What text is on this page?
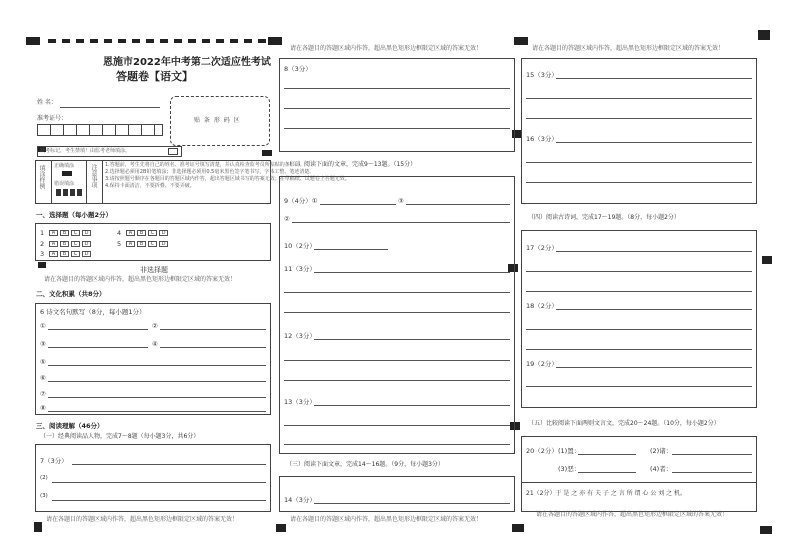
恩施市2022年中考第二次适应性考试
答题卷【语文】
姓 名：
准考证号：	贴 条 形 码 区
缺考标记，考生禁填！由监考老师填涂。
填涂样例 正确填涂
错误填涂	注意事项 1.答题前，考生先将自己的姓名、准考证号填写清楚，并认真检查监考员所粘贴的条形码。
2.选择题必须用2B铅笔填涂；非选择题必须用0.5毫米黑色签字笔书写，字体工整、笔迹清楚。
3.请按照题号顺序在各题目的答题区域内作答，超出答题区域书写的答案无效；在草稿纸、试题卷上答题无效。
4.保持卡面清洁，不要折叠、不要弄破。
一、选择题（每小题2分）
1	A	B	C	D
2	A	B	C	D
3	A	B	C	D
4	A	B	C	D
5	A	B	C	D
非选择题
请在各题目的答题区域内作答，超出黑色矩形边框限定区域的答案无效！
二、文化积累（共8分）
6 诗文名句默写（8分，每小题1分）
①	②
③	④
⑤
⑥
⑦
⑧
三、阅读理解（46分）
（一）经典阅读品人物，完成7～8题（每小题3分，共6分）
7（3分）
(2)
(3)
请在各题目的答题区域内作答，超出黑色矩形边框限定区域的答案无效！
请在各题目的答题区域内作答，超出黑色矩形边框限定区域的答案无效！
8（3分）
（二）阅读下面的文章，完成9～13题。（15分）
9（4分）①	③
②
10（2分）
11（3分）
12（3分）
13（3分）
（三）阅读下面文章，完成14～16题。（9分，每小题3分）
14（3分）
请在各题目的答题区域内作答，超出黑色矩形边框限定区域的答案无效！
请在各题目的答题区域内作答，超出黑色矩形边框限定区域的答案无效！
15（3分）
16（3分）
（四）阅读古诗词，完成17～19题。（8分，每小题2分）
17（2分）
18（2分）
19（2分）
（五）比较阅读下面两则文言文，完成20～24题。（10分，每小题2分）
20（2分） (1)置：	(2)诸：
(3)恶：	(4)者：
21（2分）于 是 之 亦 有 夫 子 之 言 所 谓 心 公 刘 之 机。
请在各题目的答题区域内作答，超出黑色矩形边框限定区域的答案无效！
